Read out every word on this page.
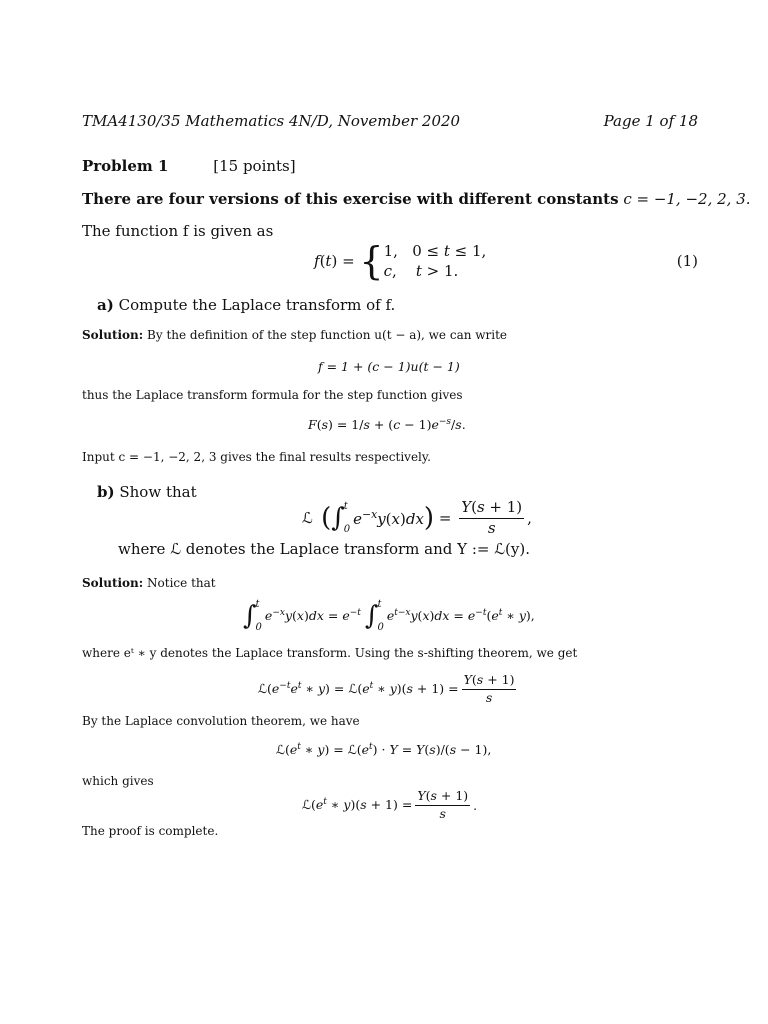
TMA4130/35 Mathematics 4N/D, November 2020	Page 1 of 18
Problem 1	[15 points]
There are four versions of this exercise with different constants c = −1, −2, 2, 3.
The function f is given as
f(t) = { 1,   0 ≤ t ≤ 1,
c,    t > 1.
(1)
a) Compute the Laplace transform of f.
Solution: By the definition of the step function u(t − a), we can write
f = 1 + (c − 1)u(t − 1)
thus the Laplace transform formula for the step function gives
$F(s) = 1/s + (c - 1)e^{-s}/s$.
Input c = −1, −2, 2, 3 gives the final results respectively.
b) Show that
ℒ ( ∫ t
0
$e^{-x}y(x)dx$ ) = $\frac{Y(s + 1)}{s}$ ,
where ℒ denotes the Laplace transform and Y := ℒ(y).
Solution: Notice that
∫ t
0
$e^{-x}y(x)dx = e^{-t}$ ∫ t
0
$e^{t-x}y(x)dx = e^{-t}(e^t$ ∗ y),
where eᵗ ∗ y denotes the Laplace transform. Using the s-shifting theorem, we get
$ℒ(e^{-t}e^t$ ∗ $y) = ℒ(e^t$ ∗ $y)(s + 1) = \frac{Y(s + 1)}{s}$
By the Laplace convolution theorem, we have
$ℒ(e^t$ ∗ $y) = ℒ(e^t) \cdot Y = Y(s)/(s - 1)$,
which gives
$ℒ(e^t$ ∗ $y)(s + 1) = \frac{Y(s + 1)}{s}$ .
The proof is complete.
